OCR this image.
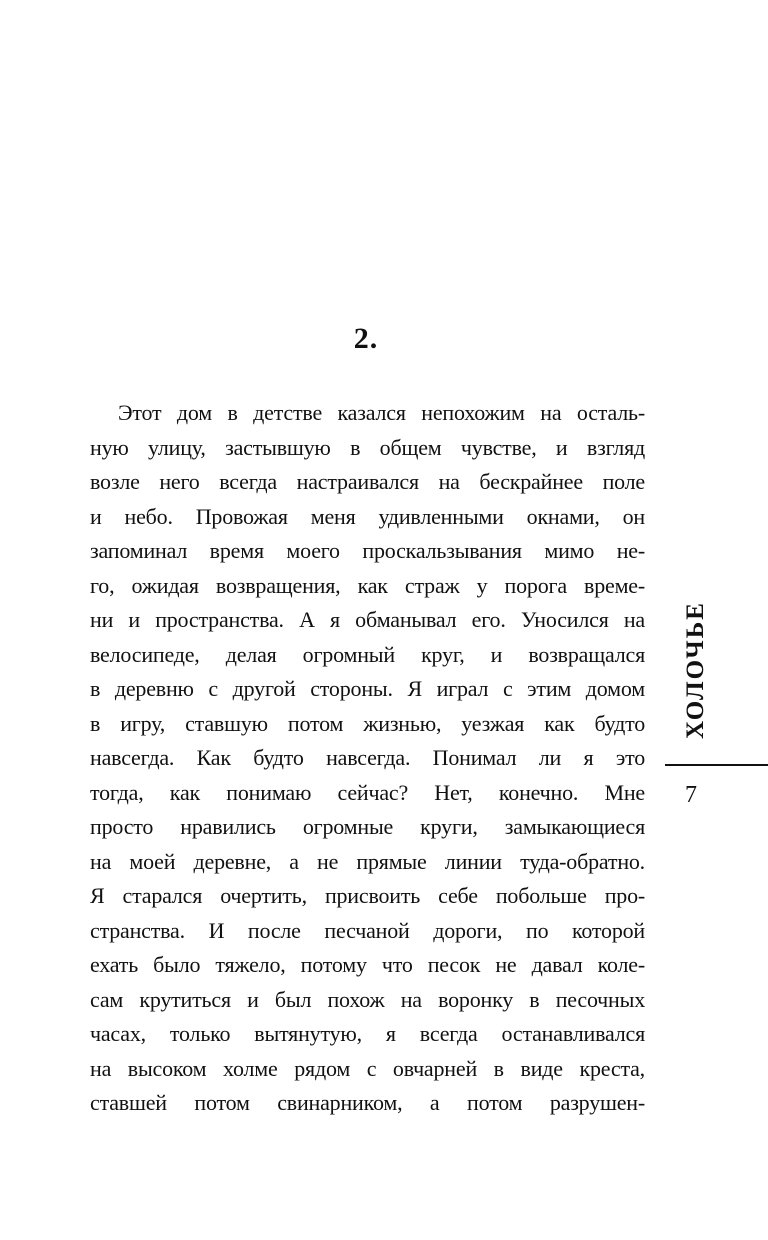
2.
Этот дом в детстве казался непохожим на осталь-
ную улицу, застывшую в общем чувстве, и взгляд
возле него всегда настраивался на бескрайнее поле
и небо. Провожая меня удивленными окнами, он
запоминал время моего проскальзывания мимо не-
го, ожидая возвращения, как страж у порога време-
ни и пространства. А я обманывал его. Уносился на
велосипеде, делая огромный круг, и возвращался
в деревню с другой стороны. Я играл с этим домом
в игру, ставшую потом жизнью, уезжая как будто
навсегда. Как будто навсегда. Понимал ли я это
тогда, как понимаю сейчас? Нет, конечно. Мне
просто нравились огромные круги, замыкающиеся
на моей деревне, а не прямые линии туда-обратно.
Я старался очертить, присвоить себе побольше про-
странства. И после песчаной дороги, по которой
ехать было тяжело, потому что песок не давал коле-
сам крутиться и был похож на воронку в песочных
часах, только вытянутую, я всегда останавливался
на высоком холме рядом с овчарней в виде креста,
ставшей потом свинарником, а потом разрушен-
ХОЛОЧЬЕ
7
